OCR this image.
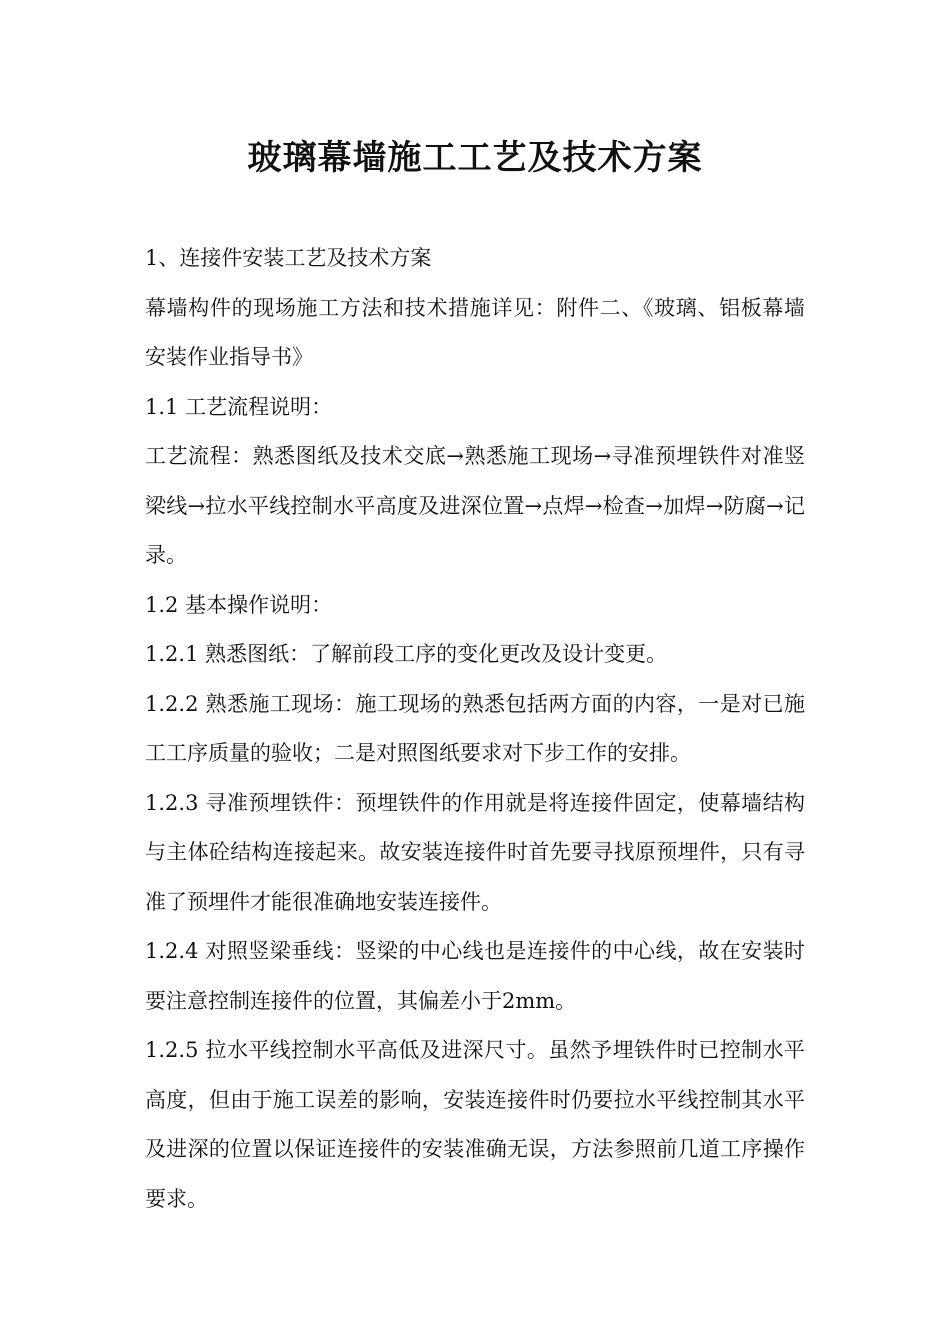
玻璃幕墙施工工艺及技术方案

1、连接件安装工艺及技术方案

幕墙构件的现场施工方法和技术措施详见：附件二、《玻璃、铝板幕墙安装作业指导书》

1.1 工艺流程说明：

工艺流程：熟悉图纸及技术交底→熟悉施工现场→寻准预埋铁件对准竖梁线→拉水平线控制水平高度及进深位置→点焊→检查→加焊→防腐→记录。

1.2 基本操作说明：

1.2.1 熟悉图纸：了解前段工序的变化更改及设计变更。

1.2.2 熟悉施工现场：施工现场的熟悉包括两方面的内容，一是对已施工工序质量的验收；二是对照图纸要求对下步工作的安排。

1.2.3 寻准预埋铁件：预埋铁件的作用就是将连接件固定，使幕墙结构与主体砼结构连接起来。故安装连接件时首先要寻找原预埋件，只有寻准了预埋件才能很准确地安装连接件。

1.2.4 对照竖梁垂线：竖梁的中心线也是连接件的中心线，故在安装时要注意控制连接件的位置，其偏差小于2mm。

1.2.5 拉水平线控制水平高低及进深尺寸。虽然予埋铁件时已控制水平高度，但由于施工误差的影响，安装连接件时仍要拉水平线控制其水平及进深的位置以保证连接件的安装准确无误，方法参照前几道工序操作要求。
